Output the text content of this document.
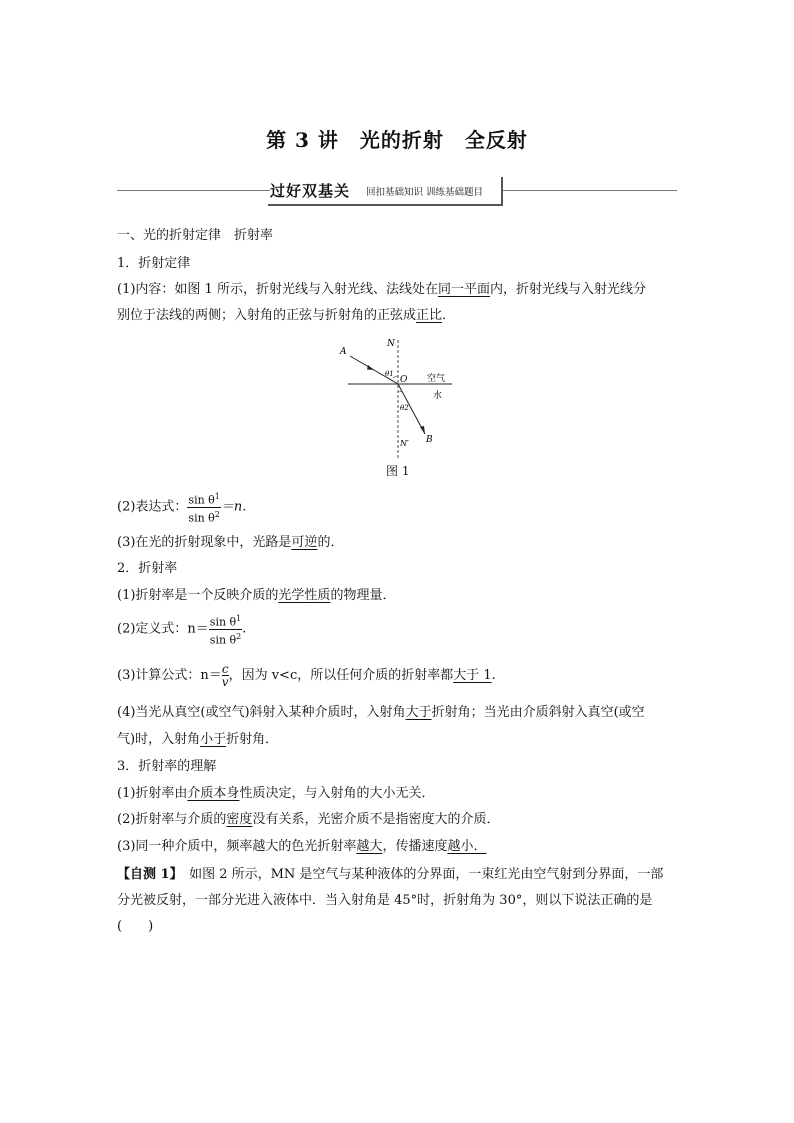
第 3 讲　光的折射　全反射
过好双基关 回扣基础知识 训练基础题目
一、光的折射定律　折射率
1．折射定律
(1)内容：如图 1 所示，折射光线与入射光线、法线处在同一平面内，折射光线与入射光线分
别位于法线的两侧；入射角的正弦与折射角的正弦成正比．
A
N
θ1
O 空气
水
θ2
B
N′
图 1
(2)表达式： $\frac{\sin \theta^1}{\sin \theta^2} =n$.
(3)在光的折射现象中，光路是可逆的．
2．折射率
(1)折射率是一个反映介质的光学性质的物理量．
(2)定义式：$n= \frac{\sin \theta^1}{\sin \theta^2}$ .
(3)计算公式：$n= \frac{c}{v}$ ，因为 v<c，所以任何介质的折射率都大于 1.
(4)当光从真空(或空气)斜射入某种介质时，入射角大于折射角；当光由介质斜射入真空(或空
气)时，入射角小于折射角．
3．折射率的理解
(1)折射率由介质本身性质决定，与入射角的大小无关．
(2)折射率与介质的密度没有关系，光密介质不是指密度大的介质．
(3)同一种介质中，频率越大的色光折射率越大，传播速度越小．
【自测 1】　如图 2 所示，MN 是空气与某种液体的分界面，一束红光由空气射到分界面，一部
分光被反射，一部分光进入液体中．当入射角是 45°时，折射角为 30°，则以下说法正确的是
(　　)
